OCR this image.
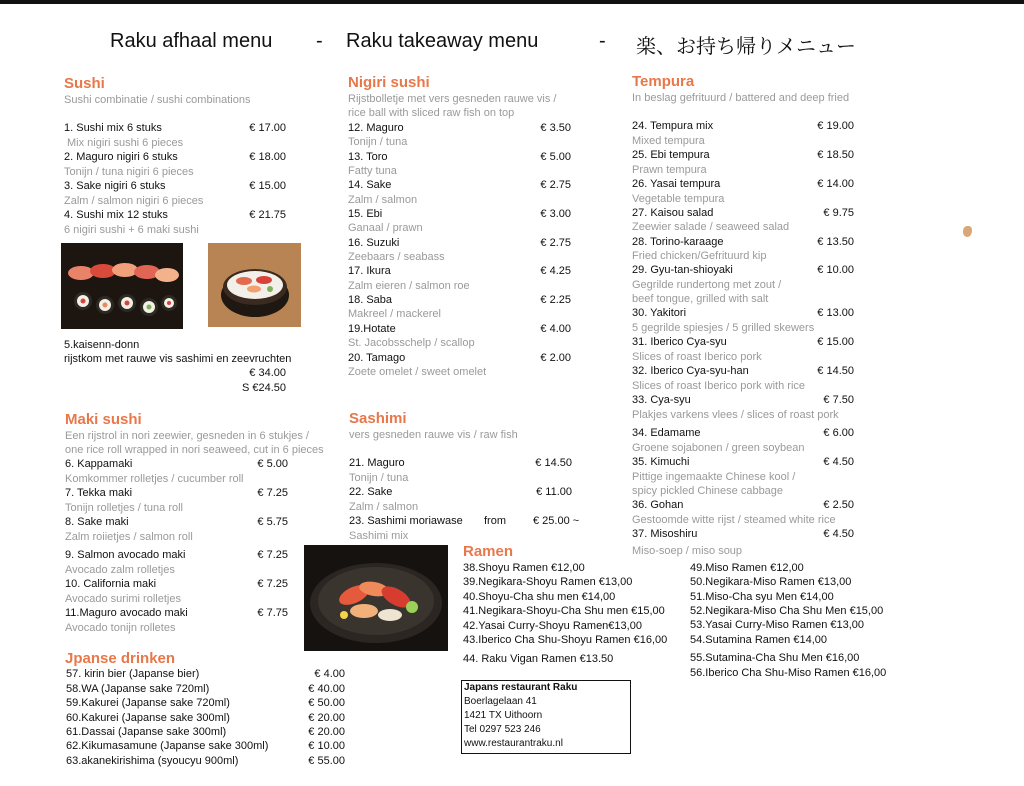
Raku afhaal menu - Raku takeaway menu	- 楽、お持ち帰りメニュー
Sushi
Sushi combinatie / sushi combinations
1. Sushi mix 6 stuks	€ 17.00
Mix nigiri sushi 6 pieces
2. Maguro nigiri 6 stuks	€ 18.00
Tonijn / tuna nigiri 6 pieces
3. Sake nigiri 6 stuks	€ 15.00
Zalm / salmon nigiri 6 pieces
4. Sushi mix 12 stuks	€ 21.75
6 nigiri sushi + 6 maki sushi
5.kaisenn-donn
rijstkom met rauwe vis sashimi en zeevruchten
€ 34.00
S €24.50
Maki sushi
Een rijstrol in nori zeewier, gesneden in 6 stukjes /
one rice roll wrapped in nori seaweed, cut in 6 pieces
6. Kappamaki	€ 5.00
Komkommer rolletjes / cucumber roll
7. Tekka maki	€ 7.25
Tonijn rolletjes / tuna roll
8. Sake maki	€ 5.75
Zalm roiietjes / salmon roll
9. Salmon avocado maki	€ 7.25
Avocado zalm rolletjes
10. California maki	€ 7.25
Avocado surimi rolletjes
11.Maguro avocado maki	€ 7.75
Avocado tonijn rolletes
Jpanse drinken
57. kirin bier (Japanse bier)	€ 4.00
58.WA (Japanse sake 720ml)	€ 40.00
59.Kakurei (Japanse sake 720ml)	€ 50.00
60.Kakurei (Japanse sake 300ml)	€ 20.00
61.Dassai (Japanse sake 300ml)	€ 20.00
62.Kikumasamune (Japanse sake 300ml)	€ 10.00
63.akanekirishima (syoucyu 900ml)	€ 55.00
Nigiri sushi
Rijstbolletje met vers gesneden rauwe vis /
rice ball with sliced raw fish on top
12. Maguro	€ 3.50
Tonijn / tuna
13. Toro	€ 5.00
Fatty tuna
14. Sake	€ 2.75
Zalm / salmon
15. Ebi	€ 3.00
Ganaal / prawn
16. Suzuki	€ 2.75
Zeebaars / seabass
17. Ikura	€ 4.25
Zalm eieren / salmon roe
18. Saba	€ 2.25
Makreel / mackerel
19.Hotate	€ 4.00
St. Jacobsschelp / scallop
20. Tamago	€ 2.00
Zoete omelet / sweet omelet
Sashimi
vers gesneden rauwe vis / raw fish
21. Maguro	€ 14.50
Tonijn / tuna
22. Sake	€ 11.00
Zalm / salmon
23. Sashimi moriawase from € 25.00 ~
Sashimi mix
Ramen
38.Shoyu Ramen €12,00
39.Negikara-Shoyu Ramen €13,00
40.Shoyu-Cha shu men €14,00
41.Negikara-Shoyu-Cha Shu men €15,00
42.Yasai Curry-Shoyu Ramen€13,00
43.Iberico Cha Shu-Shoyu Ramen €16,00
44. Raku Vigan Ramen €13.50
49.Miso Ramen €12,00
50.Negikara-Miso Ramen €13,00
51.Miso-Cha syu Men €14,00
52.Negikara-Miso Cha Shu Men €15,00
53.Yasai Curry-Miso Ramen €13,00
54.Sutamina Ramen €14,00
55.Sutamina-Cha Shu Men €16,00
56.Iberico Cha Shu-Miso Ramen €16,00
Japans restaurant Raku
Boerlagelaan 41
1421 TX Uithoorn
Tel 0297 523 246
www.restaurantraku.nl
Tempura
In beslag gefrituurd / battered and deep fried
24. Tempura mix	€ 19.00
Mixed tempura
25. Ebi tempura	€ 18.50
Prawn tempura
26. Yasai tempura	€ 14.00
Vegetable tempura
27. Kaisou salad	€ 9.75
Zeewier salade / seaweed salad
28. Torino-karaage	€ 13.50
Fried chicken/Gefrituurd kip
29. Gyu-tan-shioyaki	€ 10.00
Gegrilde rundertong met zout /
beef tongue, grilled with salt
30. Yakitori	€ 13.00
5 gegrilde spiesjes / 5 grilled skewers
31. Iberico Cya-syu	€ 15.00
Slices of roast Iberico pork
32. Iberico Cya-syu-han	€ 14.50
Slices of roast Iberico pork with rice
33. Cya-syu	€ 7.50
Plakjes varkens vlees / slices of roast pork
34. Edamame	€ 6.00
Groene sojabonen / green soybean
35. Kimuchi	€ 4.50
Pittige ingemaakte Chinese kool /
spicy pickled Chinese cabbage
36. Gohan	€ 2.50
Gestoomde witte rijst / steamed white rice
37. Misoshiru	€ 4.50
Miso-soep / miso soup
